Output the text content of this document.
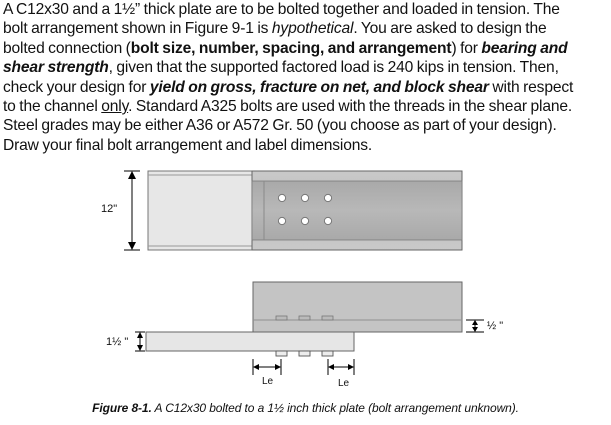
A C12x30 and a 1½” thick plate are to be bolted together and loaded in tension. The

bolt arrangement shown in Figure 9-1 is hypothetical. You are asked to design the

bolted connection (bolt size, number, spacing, and arrangement) for bearing and

shear strength, given that the supported factored load is 240 kips in tension. Then,

check your design for yield on gross, fracture on net, and block shear with respect

to the channel only. Standard A325 bolts are used with the threads in the shear plane.

Steel grades may be either A36 or A572 Gr. 50 (you choose as part of your design).

Draw your final bolt arrangement and label dimensions.

12"
1½ "
½ "
Le	Le
Figure 8-1. A C12x30 bolted to a 1½ inch thick plate (bolt arrangement unknown).
